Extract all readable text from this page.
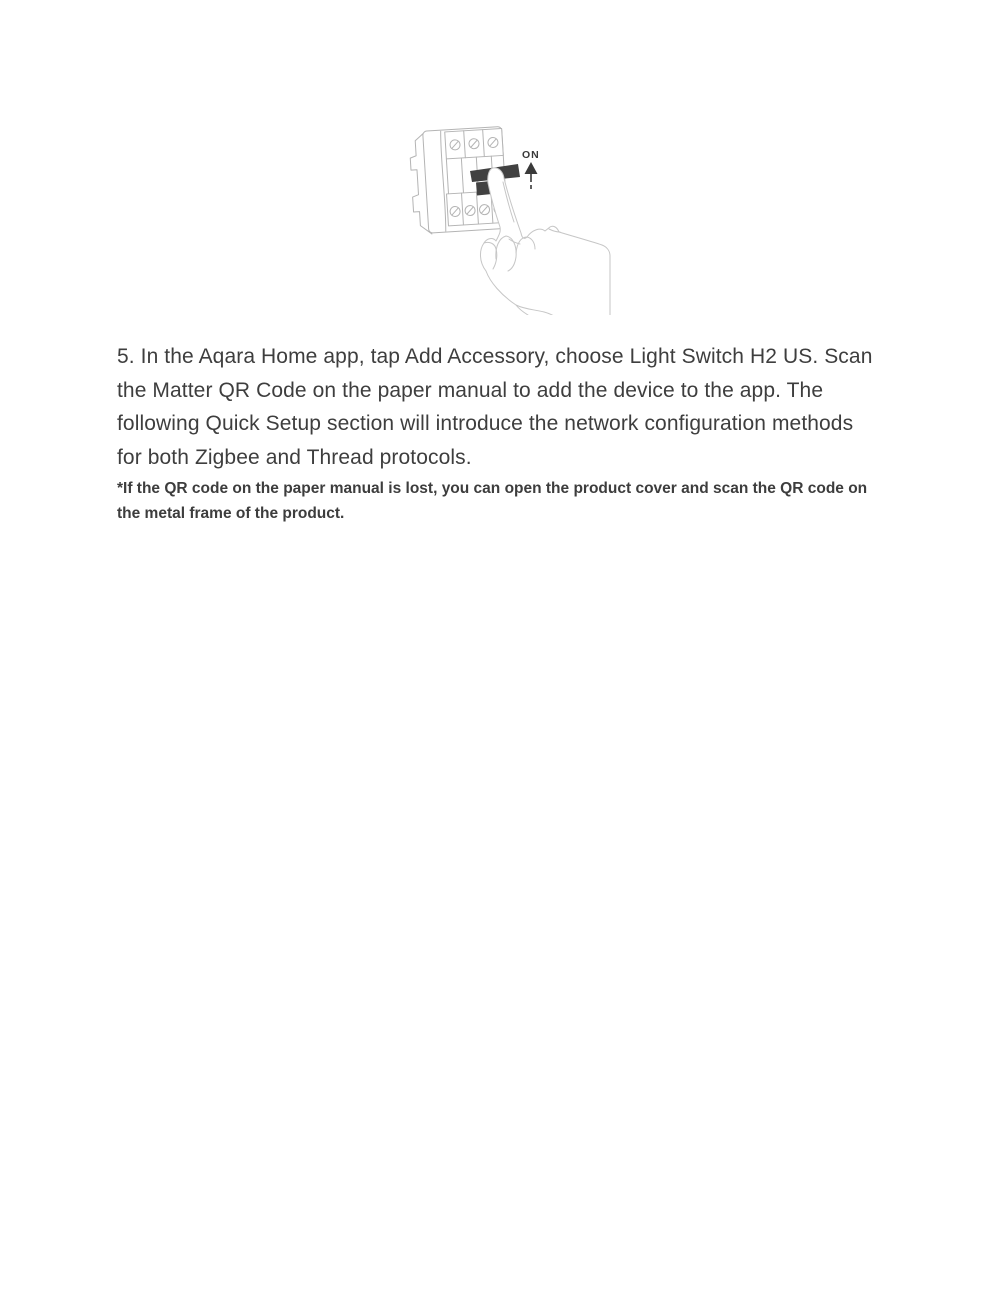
ON
5. In the Aqara Home app, tap Add Accessory, choose Light Switch H2 US. Scan
the Matter QR Code on the paper manual to add the device to the app. The
following Quick Setup section will introduce the network configuration methods
for both Zigbee and Thread protocols.
*If the QR code on the paper manual is lost, you can open the product cover and scan the QR code on
the metal frame of the product.
